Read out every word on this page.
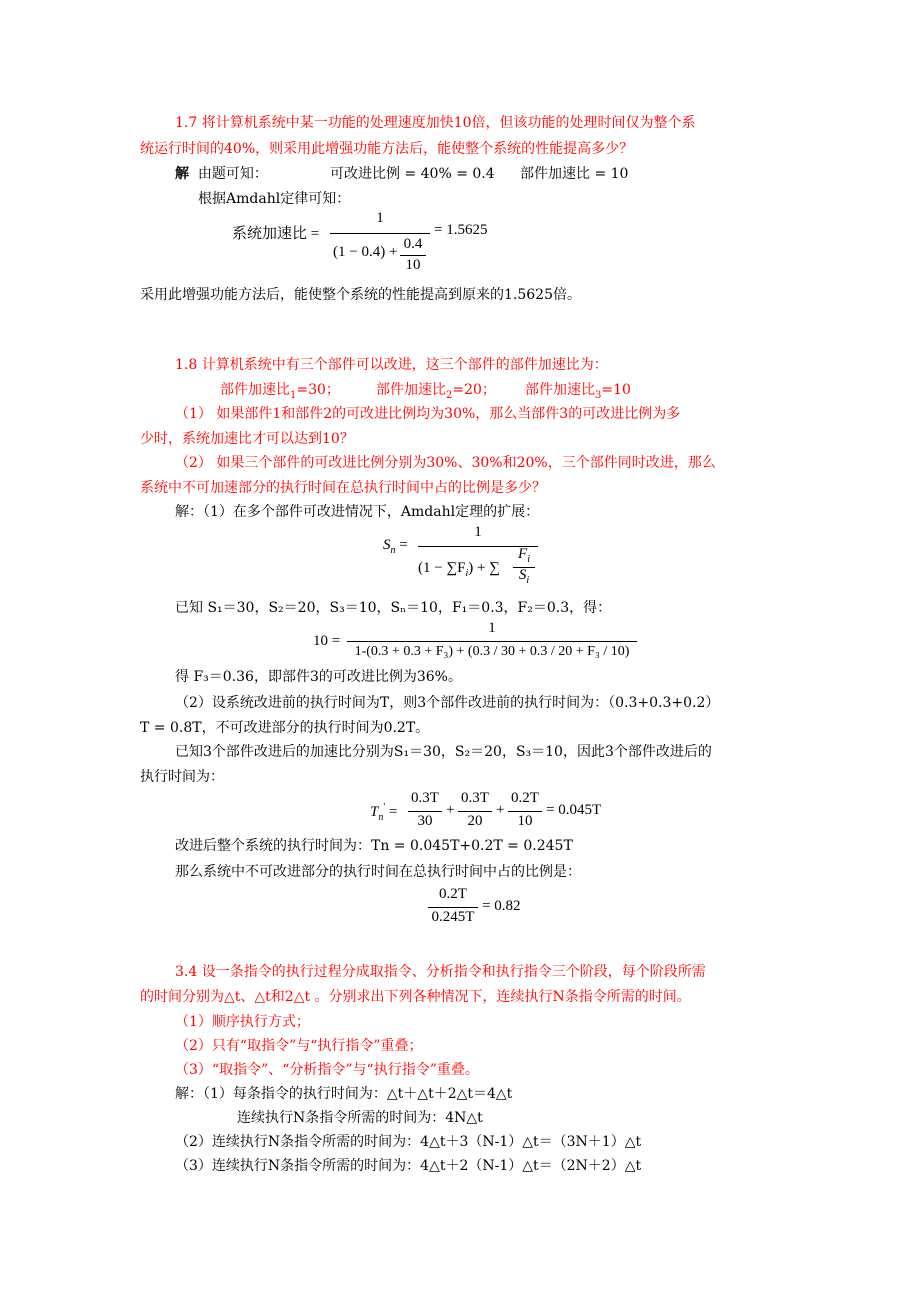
1.7 将计算机系统中某一功能的处理速度加快10倍，但该功能的处理时间仅为整个系
统运行时间的40%，则采用此增强功能方法后，能使整个系统的性能提高多少？
解 由题可知：	可改进比例 = 40% = 0.4 部件加速比 = 10
根据Amdahl定律可知：
系统加速比 =
1
(1 − 0.4) + 0.4
10
= 1.5625
采用此增强功能方法后，能使整个系统的性能提高到原来的1.5625倍。
1.8 计算机系统中有三个部件可以改进，这三个部件的部件加速比为：
部件加速比$_1$=30；	部件加速比$_2$=20； 部件加速比$_3$=10
（1） 如果部件1和部件2的可改进比例均为30%，那么当部件3的可改进比例为多
少时，系统加速比才可以达到10？
（2） 如果三个部件的可改进比例分别为30%、30%和20%，三个部件同时改进，那么
系统中不可加速部分的执行时间在总执行时间中占的比例是多少？
解：（1）在多个部件可改进情况下，Amdahl定理的扩展：
$S_n$ =
1
$(1 - \sum F_i)$ + ∑
$F_i$
$S_i$
已知 S₁＝30，S₂＝20，S₃＝10，Sₙ＝10，F₁＝0.3，F₂＝0.3，得：
10 =
1
1-(0.3 + 0.3 + F₃) + (0.3 / 30 + 0.3 / 20 + F₃ / 10)
得 F₃＝0.36，即部件3的可改进比例为36%。
（2）设系统改进前的执行时间为T，则3个部件改进前的执行时间为：（0.3+0.3+0.2）
T = 0.8T，不可改进部分的执行时间为0.2T。
已知3个部件改进后的加速比分别为S₁＝30，S₂＝20，S₃＝10，因此3个部件改进后的
执行时间为：
$T_n'$ =
0.3T
30
+
0.3T
20
+
0.2T
10
= 0.045T
改进后整个系统的执行时间为：Tn = 0.045T+0.2T = 0.245T
那么系统中不可改进部分的执行时间在总执行时间中占的比例是：
0.2T
0.245T
= 0.82
3.4 设一条指令的执行过程分成取指令、分析指令和执行指令三个阶段，每个阶段所需
的时间分别为△t、△t和2△t 。分别求出下列各种情况下，连续执行N条指令所需的时间。
（1）顺序执行方式；
（2）只有“取指令”与“执行指令”重叠；
（3）“取指令”、“分析指令”与“执行指令”重叠。
解：（1）每条指令的执行时间为：△t＋△t＋2△t＝4△t
连续执行N条指令所需的时间为：4N△t
（2）连续执行N条指令所需的时间为：4△t＋3（N-1）△t＝（3N＋1）△t
（3）连续执行N条指令所需的时间为：4△t＋2（N-1）△t＝（2N＋2）△t
